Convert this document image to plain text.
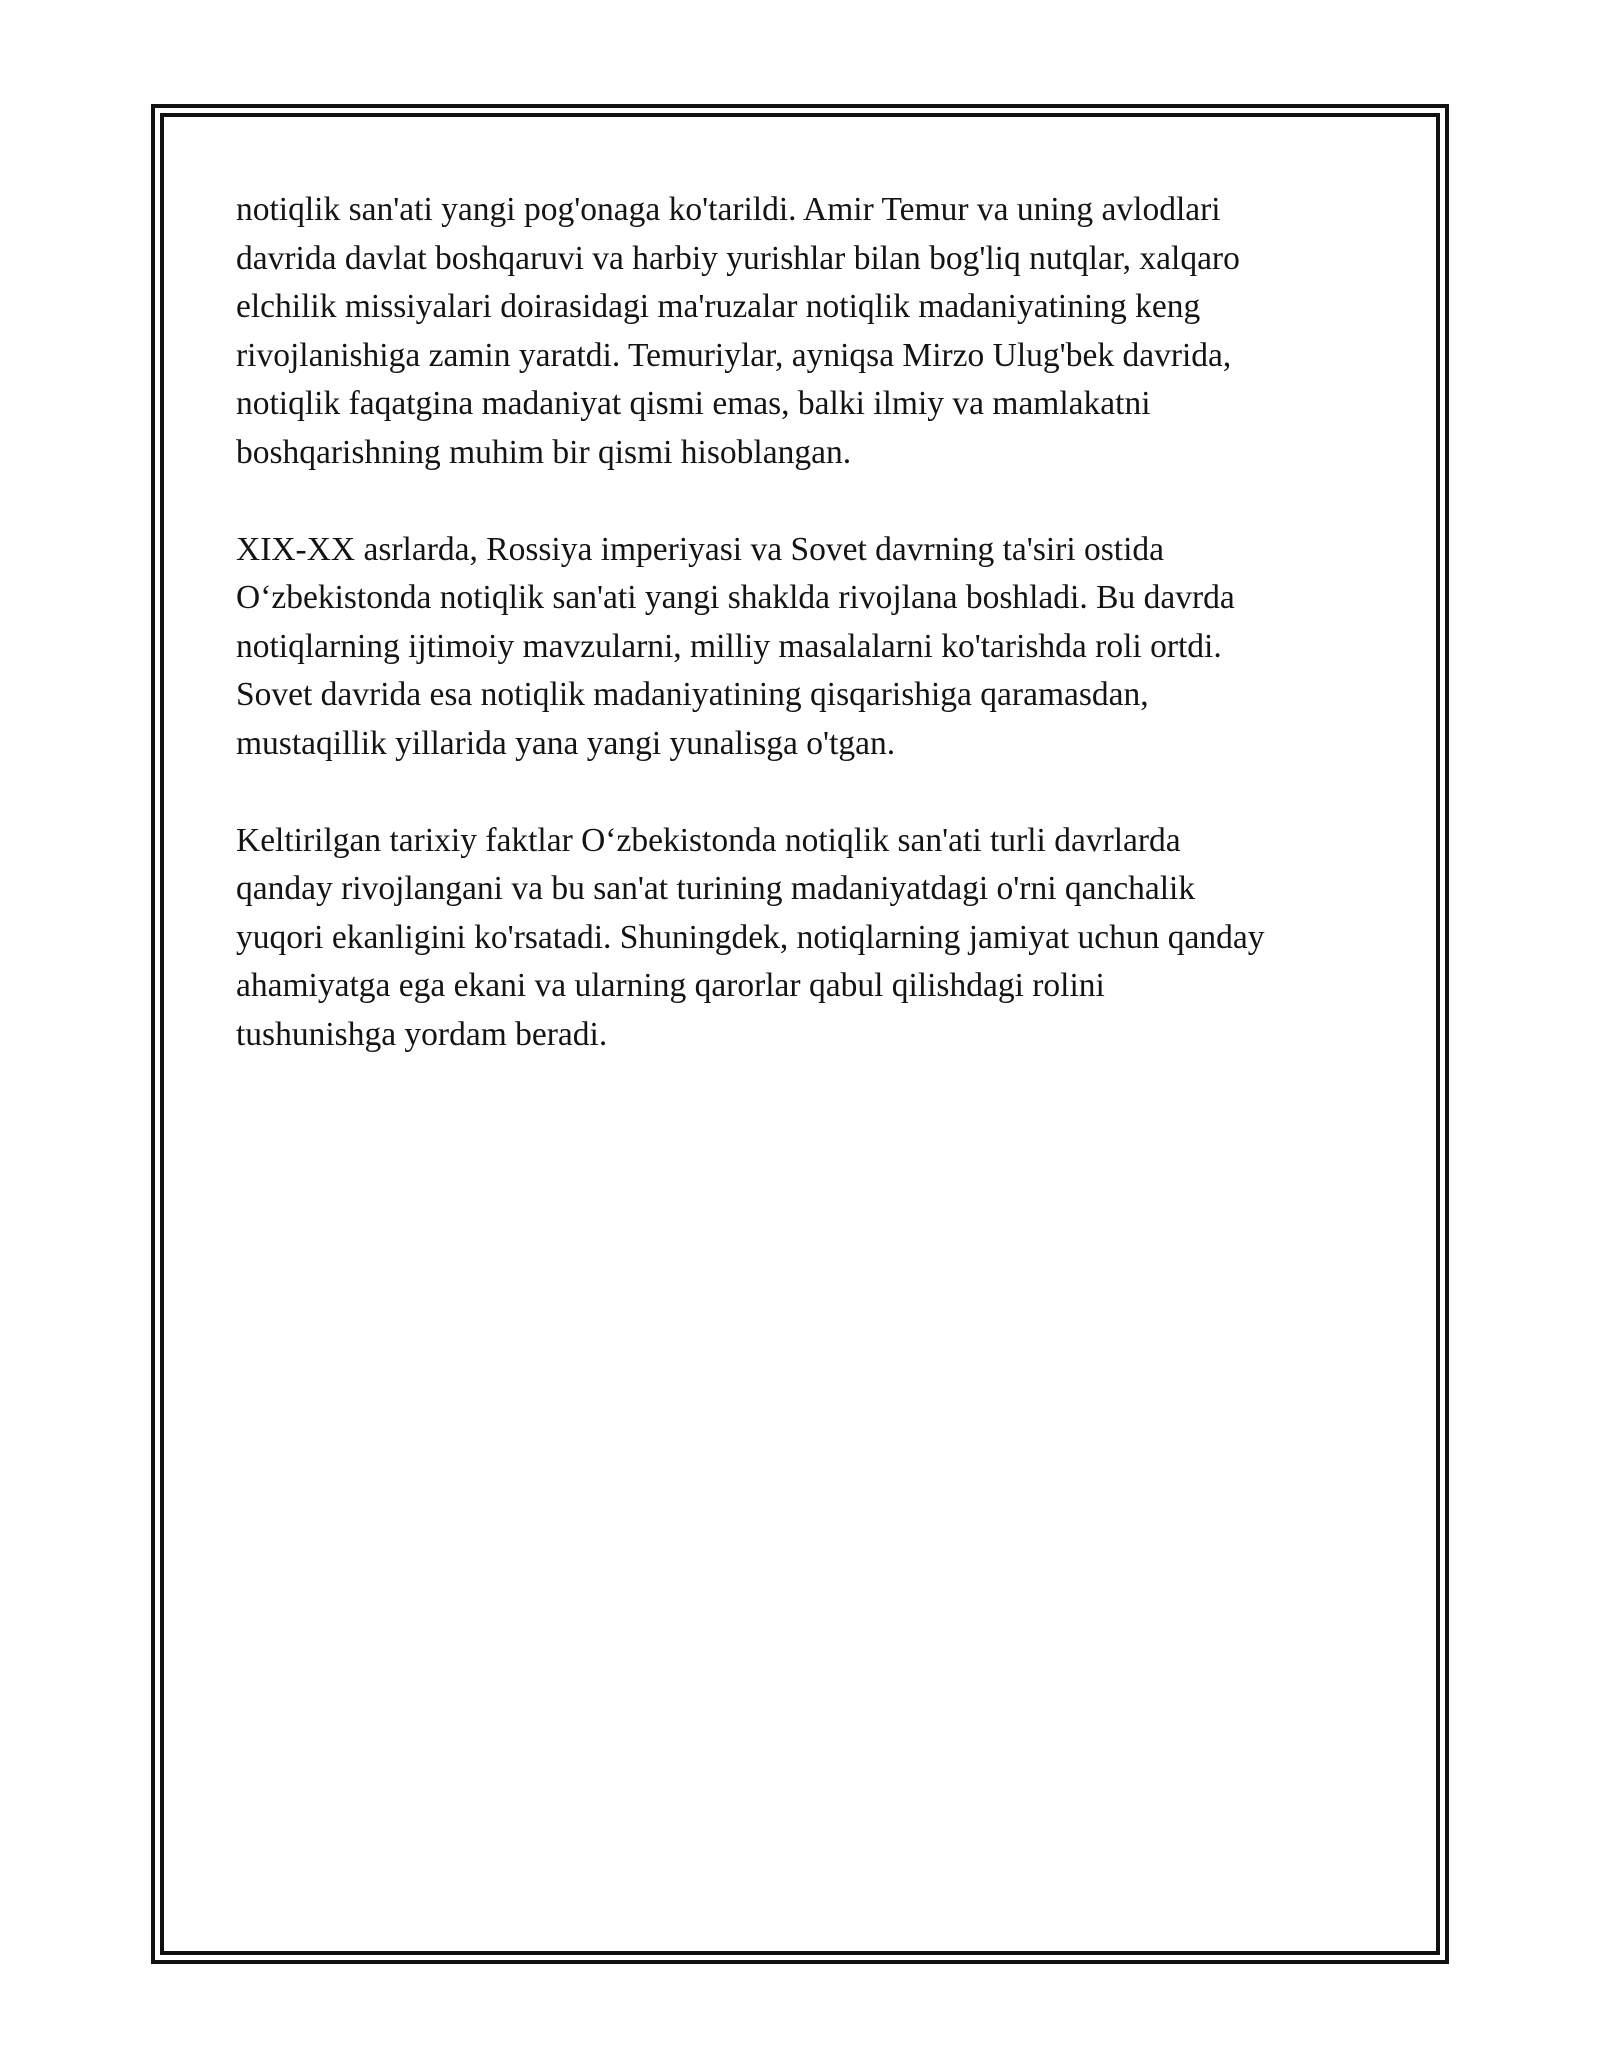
notiqlik san'ati yangi pog'onaga ko'tarildi. Amir Temur va uning avlodlari
davrida davlat boshqaruvi va harbiy yurishlar bilan bog'liq nutqlar, xalqaro
elchilik missiyalari doirasidagi ma'ruzalar notiqlik madaniyatining keng
rivojlanishiga zamin yaratdi. Temuriylar, ayniqsa Mirzo Ulug'bek davrida,
notiqlik faqatgina madaniyat qismi emas, balki ilmiy va mamlakatni
boshqarishning muhim bir qismi hisoblangan.

XIX-XX asrlarda, Rossiya imperiyasi va Sovet davrning ta'siri ostida
O‘zbekistonda notiqlik san'ati yangi shaklda rivojlana boshladi. Bu davrda
notiqlarning ijtimoiy mavzularni, milliy masalalarni ko'tarishda roli ortdi.
Sovet davrida esa notiqlik madaniyatining qisqarishiga qaramasdan,
mustaqillik yillarida yana yangi yunalisga o'tgan.

Keltirilgan tarixiy faktlar O‘zbekistonda notiqlik san'ati turli davrlarda
qanday rivojlangani va bu san'at turining madaniyatdagi o'rni qanchalik
yuqori ekanligini ko'rsatadi. Shuningdek, notiqlarning jamiyat uchun qanday
ahamiyatga ega ekani va ularning qarorlar qabul qilishdagi rolini
tushunishga yordam beradi.
